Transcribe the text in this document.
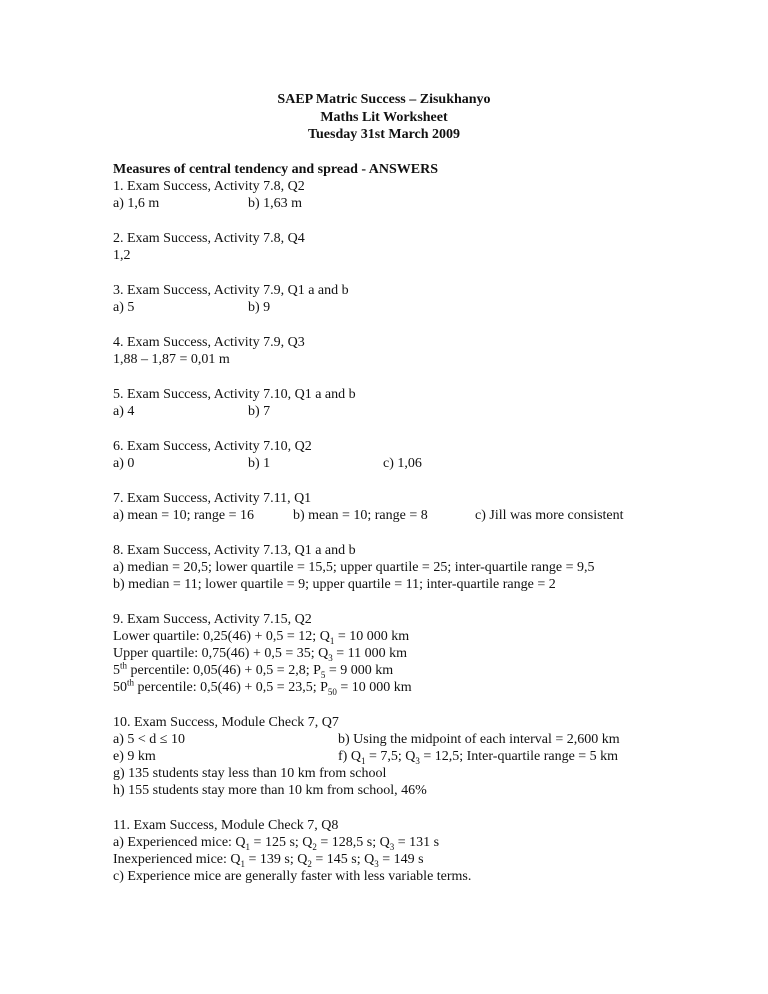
SAEP Matric Success – Zisukhanyo
Maths Lit Worksheet
Tuesday 31st March 2009
Measures of central tendency and spread - ANSWERS
1. Exam Success, Activity 7.8, Q2
a) 1,6 m	b) 1,63 m
2. Exam Success, Activity 7.8, Q4
1,2
3. Exam Success, Activity 7.9, Q1 a and b
a) 5	b) 9
4. Exam Success, Activity 7.9, Q3
1,88 – 1,87 = 0,01 m
5. Exam Success, Activity 7.10, Q1 a and b
a) 4	b) 7
6. Exam Success, Activity 7.10, Q2
a) 0	b) 1	c) 1,06
7. Exam Success, Activity 7.11, Q1
a) mean = 10; range = 16	b) mean = 10; range = 8	c) Jill was more consistent
8. Exam Success, Activity 7.13, Q1 a and b
a) median = 20,5; lower quartile = 15,5; upper quartile = 25; inter-quartile range = 9,5
b) median = 11; lower quartile = 9; upper quartile = 11; inter-quartile range = 2
9. Exam Success, Activity 7.15, Q2
Lower quartile: 0,25(46) + 0,5 = 12; $Q_1 = 10$ 000 km
Upper quartile: 0,75(46) + 0,5 = 35; $Q_3 = 11$ 000 km
5th percentile: 0,05(46) + 0,5 = 2,8; $P_5 = 9$ 000 km
50th percentile: 0,5(46) + 0,5 = 23,5; $P_{50} = 10$ 000 km
10. Exam Success, Module Check 7, Q7
a) 5 < d ≤ 10	b) Using the midpoint of each interval = 2,600 km
e) 9 km	f) $Q_1 = 7,5$; $Q_3 = 12,5$; Inter-quartile range = 5 km
g) 135 students stay less than 10 km from school
h) 155 students stay more than 10 km from school, 46%
11. Exam Success, Module Check 7, Q8
a) Experienced mice: $Q_1 = 125$ s; $Q_2 = 128,5$ s; $Q_3 = 131$ s
Inexperienced mice: $Q_1 = 139$ s; $Q_2 = 145$ s; $Q_3 = 149$ s
c) Experience mice are generally faster with less variable terms.
